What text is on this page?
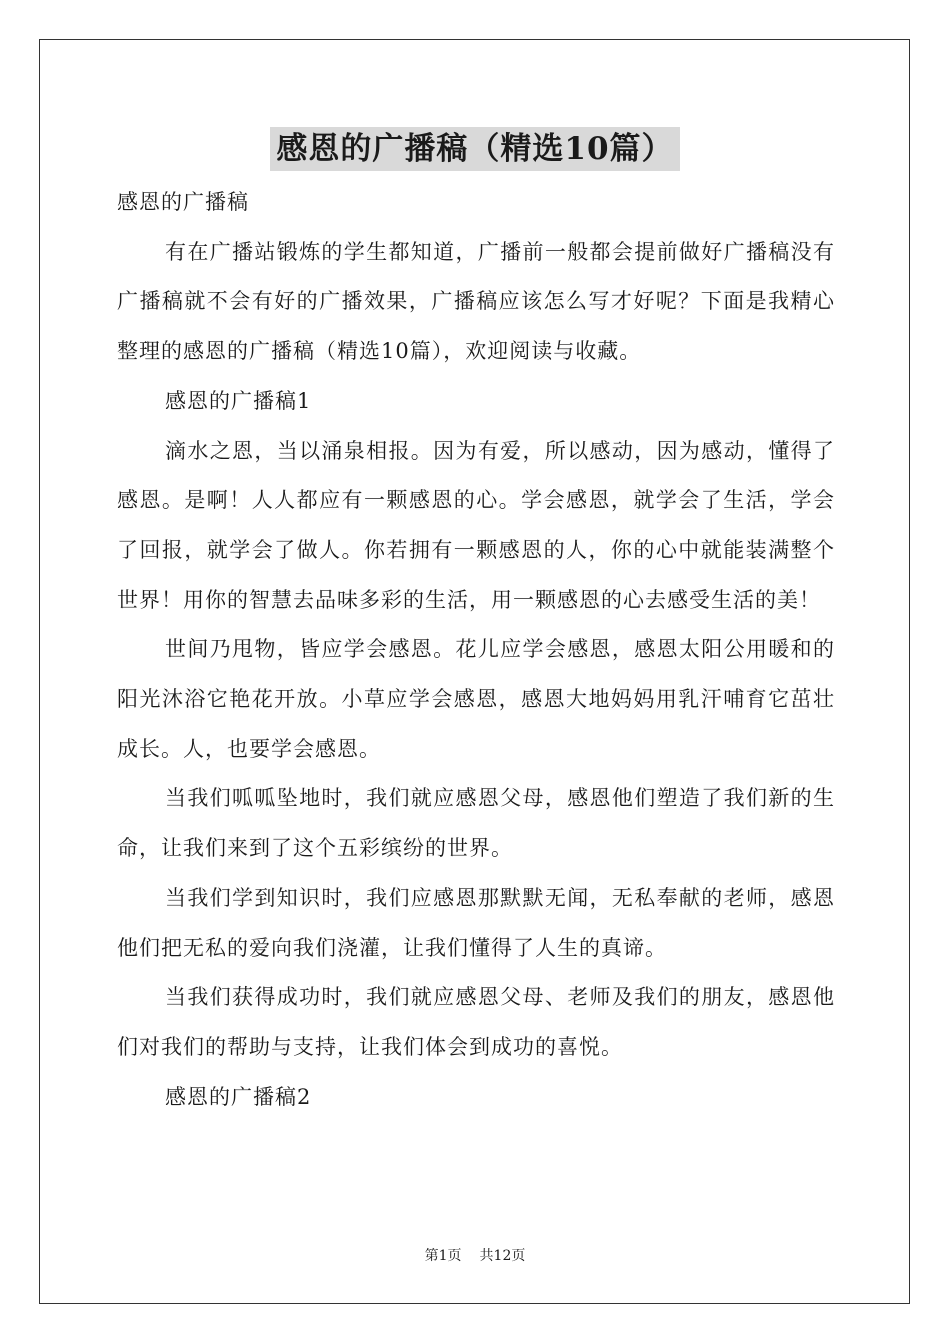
感恩的广播稿（精选10篇）

感恩的广播稿

有在广播站锻炼的学生都知道，广播前一般都会提前做好广播稿没有广播稿就不会有好的广播效果，广播稿应该怎么写才好呢？下面是我精心整理的感恩的广播稿（精选10篇），欢迎阅读与收藏。

感恩的广播稿1

滴水之恩，当以涌泉相报。因为有爱，所以感动，因为感动，懂得了感恩。是啊！人人都应有一颗感恩的心。学会感恩，就学会了生活，学会了回报，就学会了做人。你若拥有一颗感恩的人，你的心中就能装满整个世界！用你的智慧去品味多彩的生活，用一颗感恩的心去感受生活的美！

世间乃甩物，皆应学会感恩。花儿应学会感恩，感恩太阳公用暖和的阳光沐浴它艳花开放。小草应学会感恩，感恩大地妈妈用乳汗哺育它茁壮成长。人，也要学会感恩。

当我们呱呱坠地时，我们就应感恩父母，感恩他们塑造了我们新的生命，让我们来到了这个五彩缤纷的世界。

当我们学到知识时，我们应感恩那默默无闻，无私奉献的老师，感恩他们把无私的爱向我们浇灌，让我们懂得了人生的真谛。

当我们获得成功时，我们就应感恩父母、老师及我们的朋友，感恩他们对我们的帮助与支持，让我们体会到成功的喜悦。

感恩的广播稿2

第1页 共12页
